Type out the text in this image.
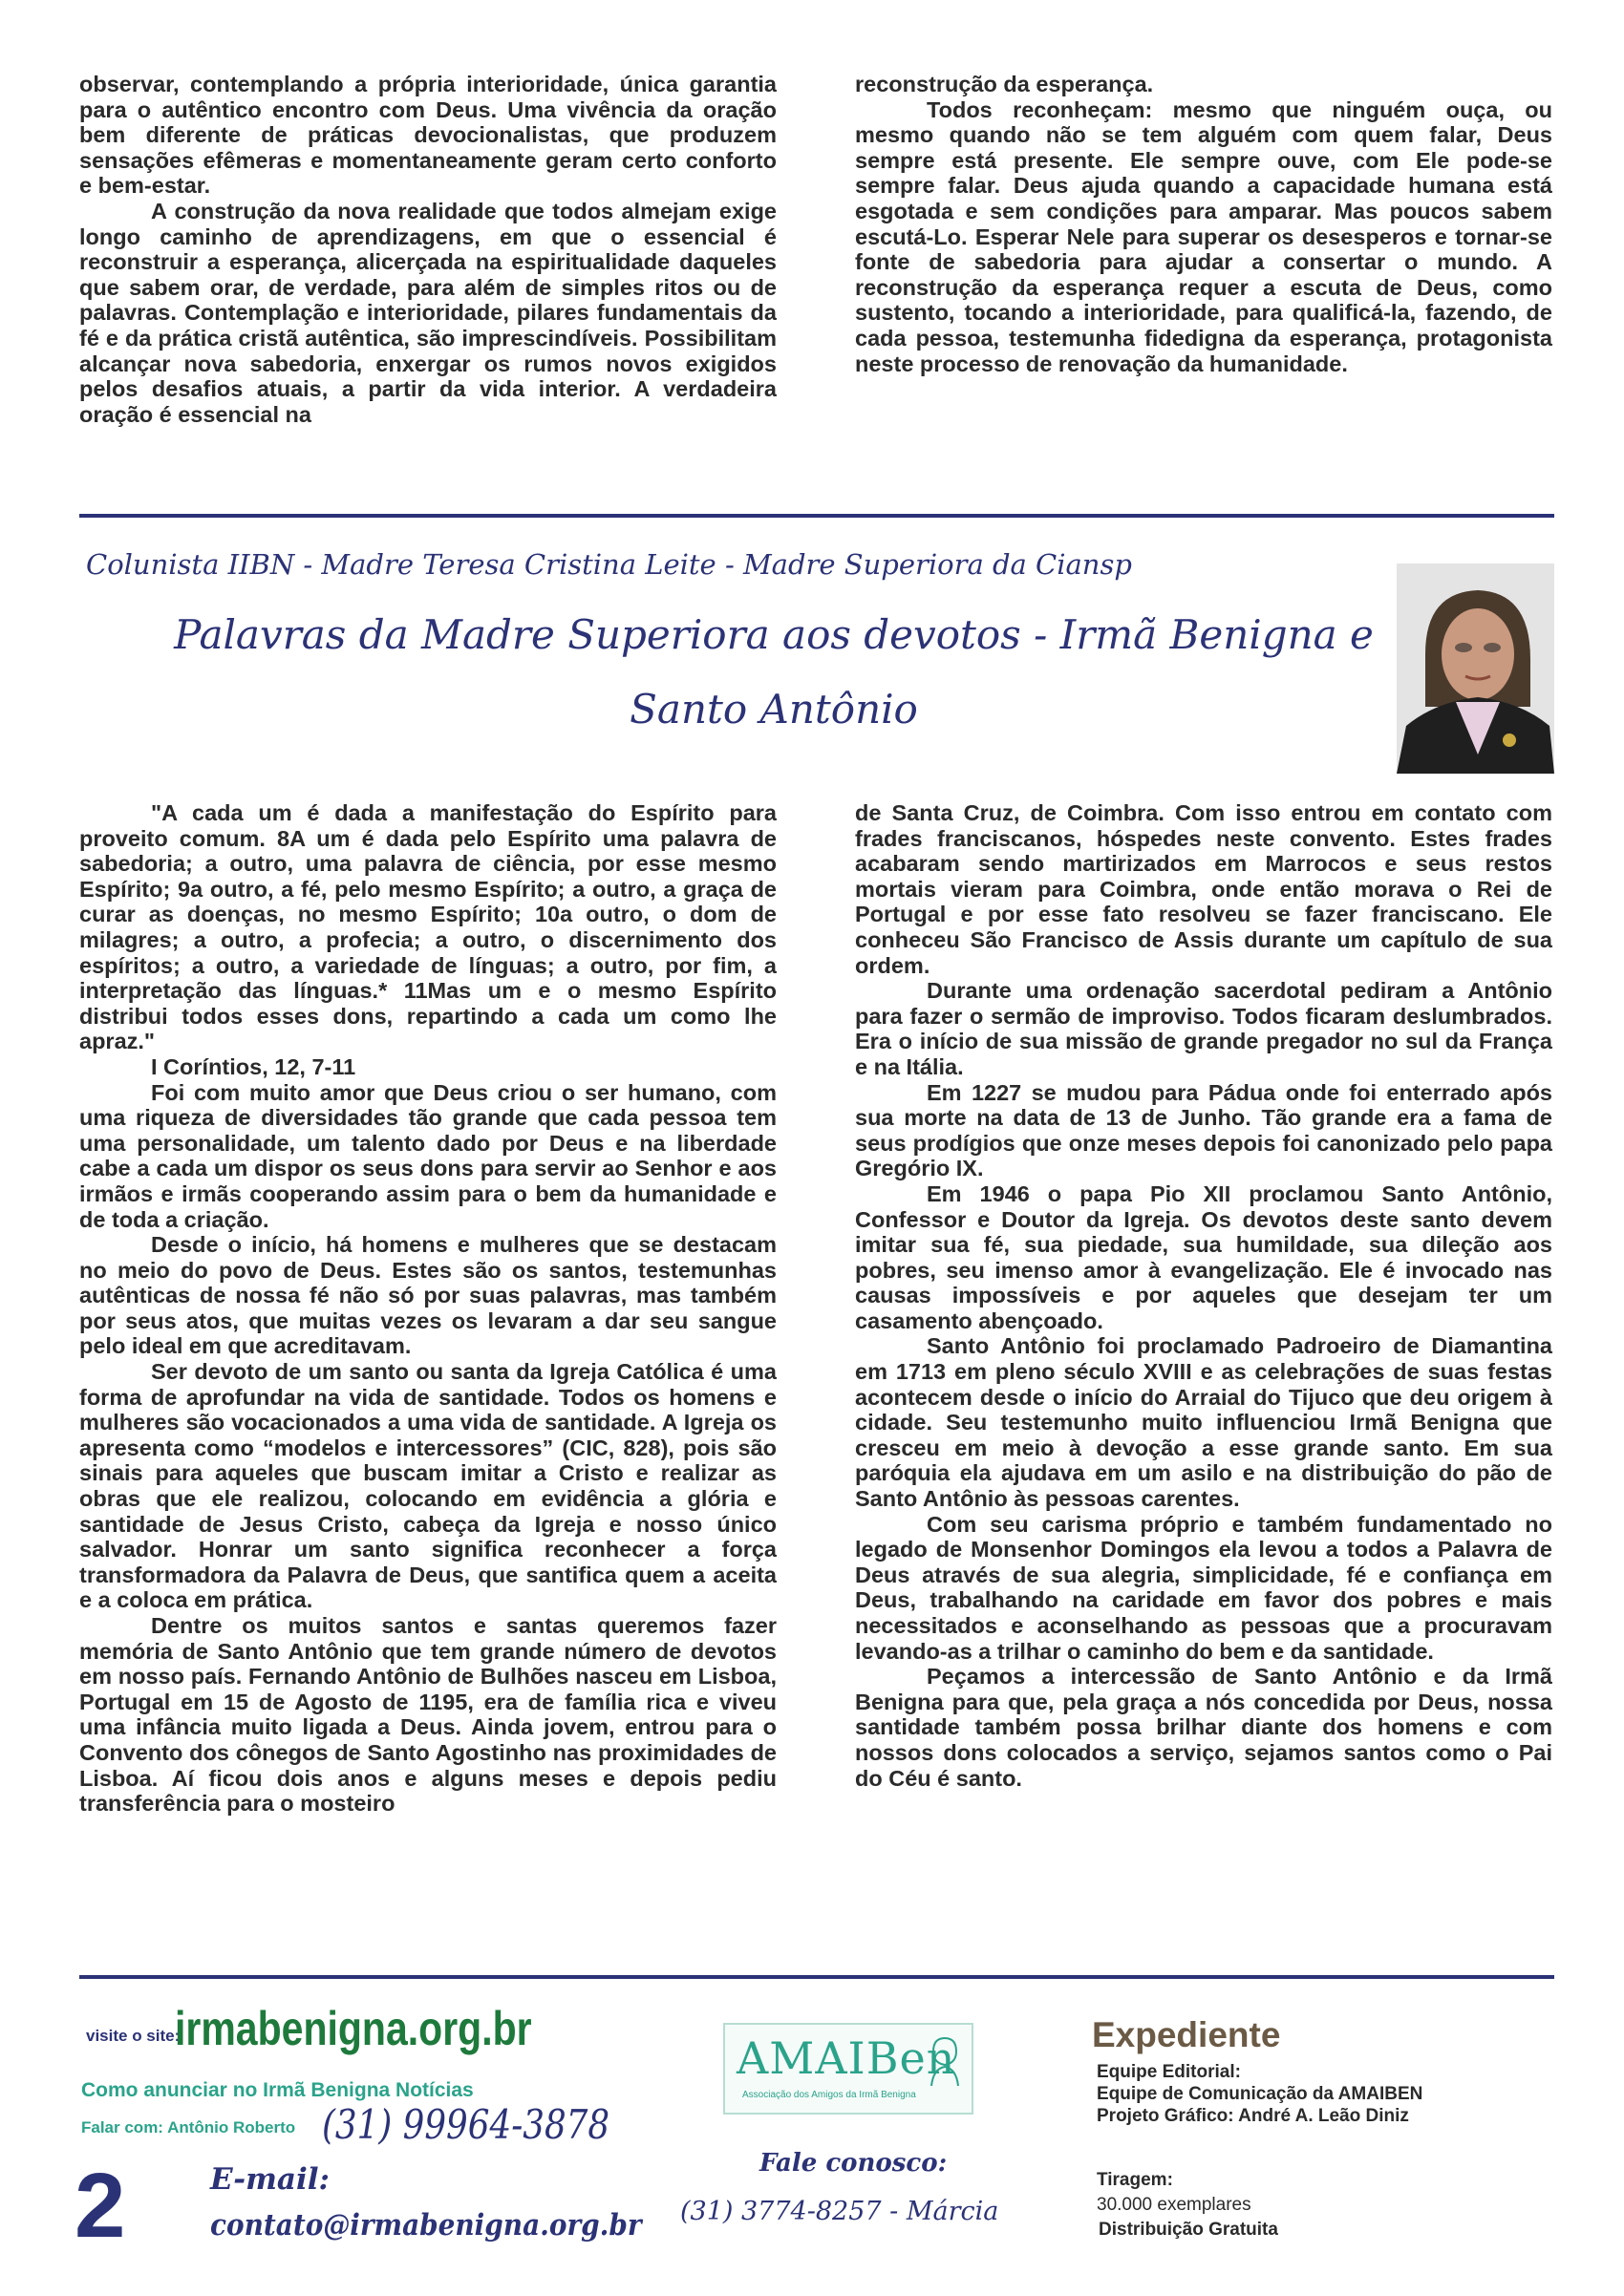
observar, contemplando a própria interioridade, única garantia para o autêntico encontro com Deus. Uma vivência da oração bem diferente de práticas devocionalistas, que produzem sensações efêmeras e momentaneamente geram certo conforto e bem-estar.

A construção da nova realidade que todos almejam exige longo caminho de aprendizagens, em que o essencial é reconstruir a esperança, alicerçada na espiritualidade daqueles que sabem orar, de verdade, para além de simples ritos ou de palavras. Contemplação e interioridade, pilares fundamentais da fé e da prática cristã autêntica, são imprescindíveis. Possibilitam alcançar nova sabedoria, enxergar os rumos novos exigidos pelos desafios atuais, a partir da vida interior. A verdadeira oração é essencial na

reconstrução da esperança.

Todos reconheçam: mesmo que ninguém ouça, ou mesmo quando não se tem alguém com quem falar, Deus sempre está presente. Ele sempre ouve, com Ele pode-se sempre falar. Deus ajuda quando a capacidade humana está esgotada e sem condições para amparar. Mas poucos sabem escutá-Lo. Esperar Nele para superar os desesperos e tornar-se fonte de sabedoria para ajudar a consertar o mundo. A reconstrução da esperança requer a escuta de Deus, como sustento, tocando a interioridade, para qualificá-la, fazendo, de cada pessoa, testemunha fidedigna da esperança, protagonista neste processo de renovação da humanidade.

Colunista IIBN - Madre Teresa Cristina Leite - Madre Superiora da Ciansp
Palavras da Madre Superiora aos devotos - Irmã Benigna e
Santo Antônio

"A cada um é dada a manifestação do Espírito para proveito comum. 8A um é dada pelo Espírito uma palavra de sabedoria; a outro, uma palavra de ciência, por esse mesmo Espírito; 9a outro, a fé, pelo mesmo Espírito; a outro, a graça de curar as doenças, no mesmo Espírito; 10a outro, o dom de milagres; a outro, a profecia; a outro, o discernimento dos espíritos; a outro, a variedade de línguas; a outro, por fim, a interpretação das línguas.* 11Mas um e o mesmo Espírito distribui todos esses dons, repartindo a cada um como lhe apraz."

I Coríntios, 12, 7-11

Foi com muito amor que Deus criou o ser humano, com uma riqueza de diversidades tão grande que cada pessoa tem uma personalidade, um talento dado por Deus e na liberdade cabe a cada um dispor os seus dons para servir ao Senhor e aos irmãos e irmãs cooperando assim para o bem da humanidade e de toda a criação.

Desde o início, há homens e mulheres que se destacam no meio do povo de Deus. Estes são os santos, testemunhas autênticas de nossa fé não só por suas palavras, mas também por seus atos, que muitas vezes os levaram a dar seu sangue pelo ideal em que acreditavam.

Ser devoto de um santo ou santa da Igreja Católica é uma forma de aprofundar na vida de santidade. Todos os homens e mulheres são vocacionados a uma vida de santidade. A Igreja os apresenta como “modelos e intercessores” (CIC, 828), pois são sinais para aqueles que buscam imitar a Cristo e realizar as obras que ele realizou, colocando em evidência a glória e santidade de Jesus Cristo, cabeça da Igreja e nosso único salvador. Honrar um santo significa reconhecer a força transformadora da Palavra de Deus, que santifica quem a aceita e a coloca em prática.

Dentre os muitos santos e santas queremos fazer memória de Santo Antônio que tem grande número de devotos em nosso país. Fernando Antônio de Bulhões nasceu em Lisboa, Portugal em 15 de Agosto de 1195, era de família rica e viveu uma infância muito ligada a Deus. Ainda jovem, entrou para o Convento dos cônegos de Santo Agostinho nas proximidades de Lisboa. Aí ficou dois anos e alguns meses e depois pediu transferência para o mosteiro

de Santa Cruz, de Coimbra. Com isso entrou em contato com frades franciscanos, hóspedes neste convento. Estes frades acabaram sendo martirizados em Marrocos e seus restos mortais vieram para Coimbra, onde então morava o Rei de Portugal e por esse fato resolveu se fazer franciscano. Ele conheceu São Francisco de Assis durante um capítulo de sua ordem.

Durante uma ordenação sacerdotal pediram a Antônio para fazer o sermão de improviso. Todos ficaram deslumbrados. Era o início de sua missão de grande pregador no sul da França e na Itália.

Em 1227 se mudou para Pádua onde foi enterrado após sua morte na data de 13 de Junho. Tão grande era a fama de seus prodígios que onze meses depois foi canonizado pelo papa Gregório IX.

Em 1946 o papa Pio XII proclamou Santo Antônio, Confessor e Doutor da Igreja. Os devotos deste santo devem imitar sua fé, sua piedade, sua humildade, sua dileção aos pobres, seu imenso amor à evangelização. Ele é invocado nas causas impossíveis e por aqueles que desejam ter um casamento abençoado.

Santo Antônio foi proclamado Padroeiro de Diamantina em 1713 em pleno século XVIII e as celebrações de suas festas acontecem desde o início do Arraial do Tijuco que deu origem à cidade. Seu testemunho muito influenciou Irmã Benigna que cresceu em meio à devoção a esse grande santo. Em sua paróquia ela ajudava em um asilo e na distribuição do pão de Santo Antônio às pessoas carentes.

Com seu carisma próprio e também fundamentado no legado de Monsenhor Domingos ela levou a todos a Palavra de Deus através de sua alegria, simplicidade, fé e confiança em Deus, trabalhando na caridade em favor dos pobres e mais necessitados e aconselhando as pessoas que a procuravam levando-as a trilhar o caminho do bem e da santidade.

Peçamos a intercessão de Santo Antônio e da Irmã Benigna para que, pela graça a nós concedida por Deus, nossa santidade também possa brilhar diante dos homens e com nossos dons colocados a serviço, sejamos santos como o Pai do Céu é santo.

visite o site:
irmabenigna.org.br
Como anunciar no Irmã Benigna Notícias
Falar com: Antônio Roberto (31) 99964-3878
2	E-mail:
contato@irmabenigna.org.br
AMAIBen
Associação dos Amigos da Irmã Benigna
Fale conosco:
(31) 3774-8257 - Márcia
Expediente
Equipe Editorial:
Equipe de Comunicação da AMAIBEN
Projeto Gráfico: André A. Leão Diniz
Tiragem:
30.000 exemplares
Distribuição Gratuita
